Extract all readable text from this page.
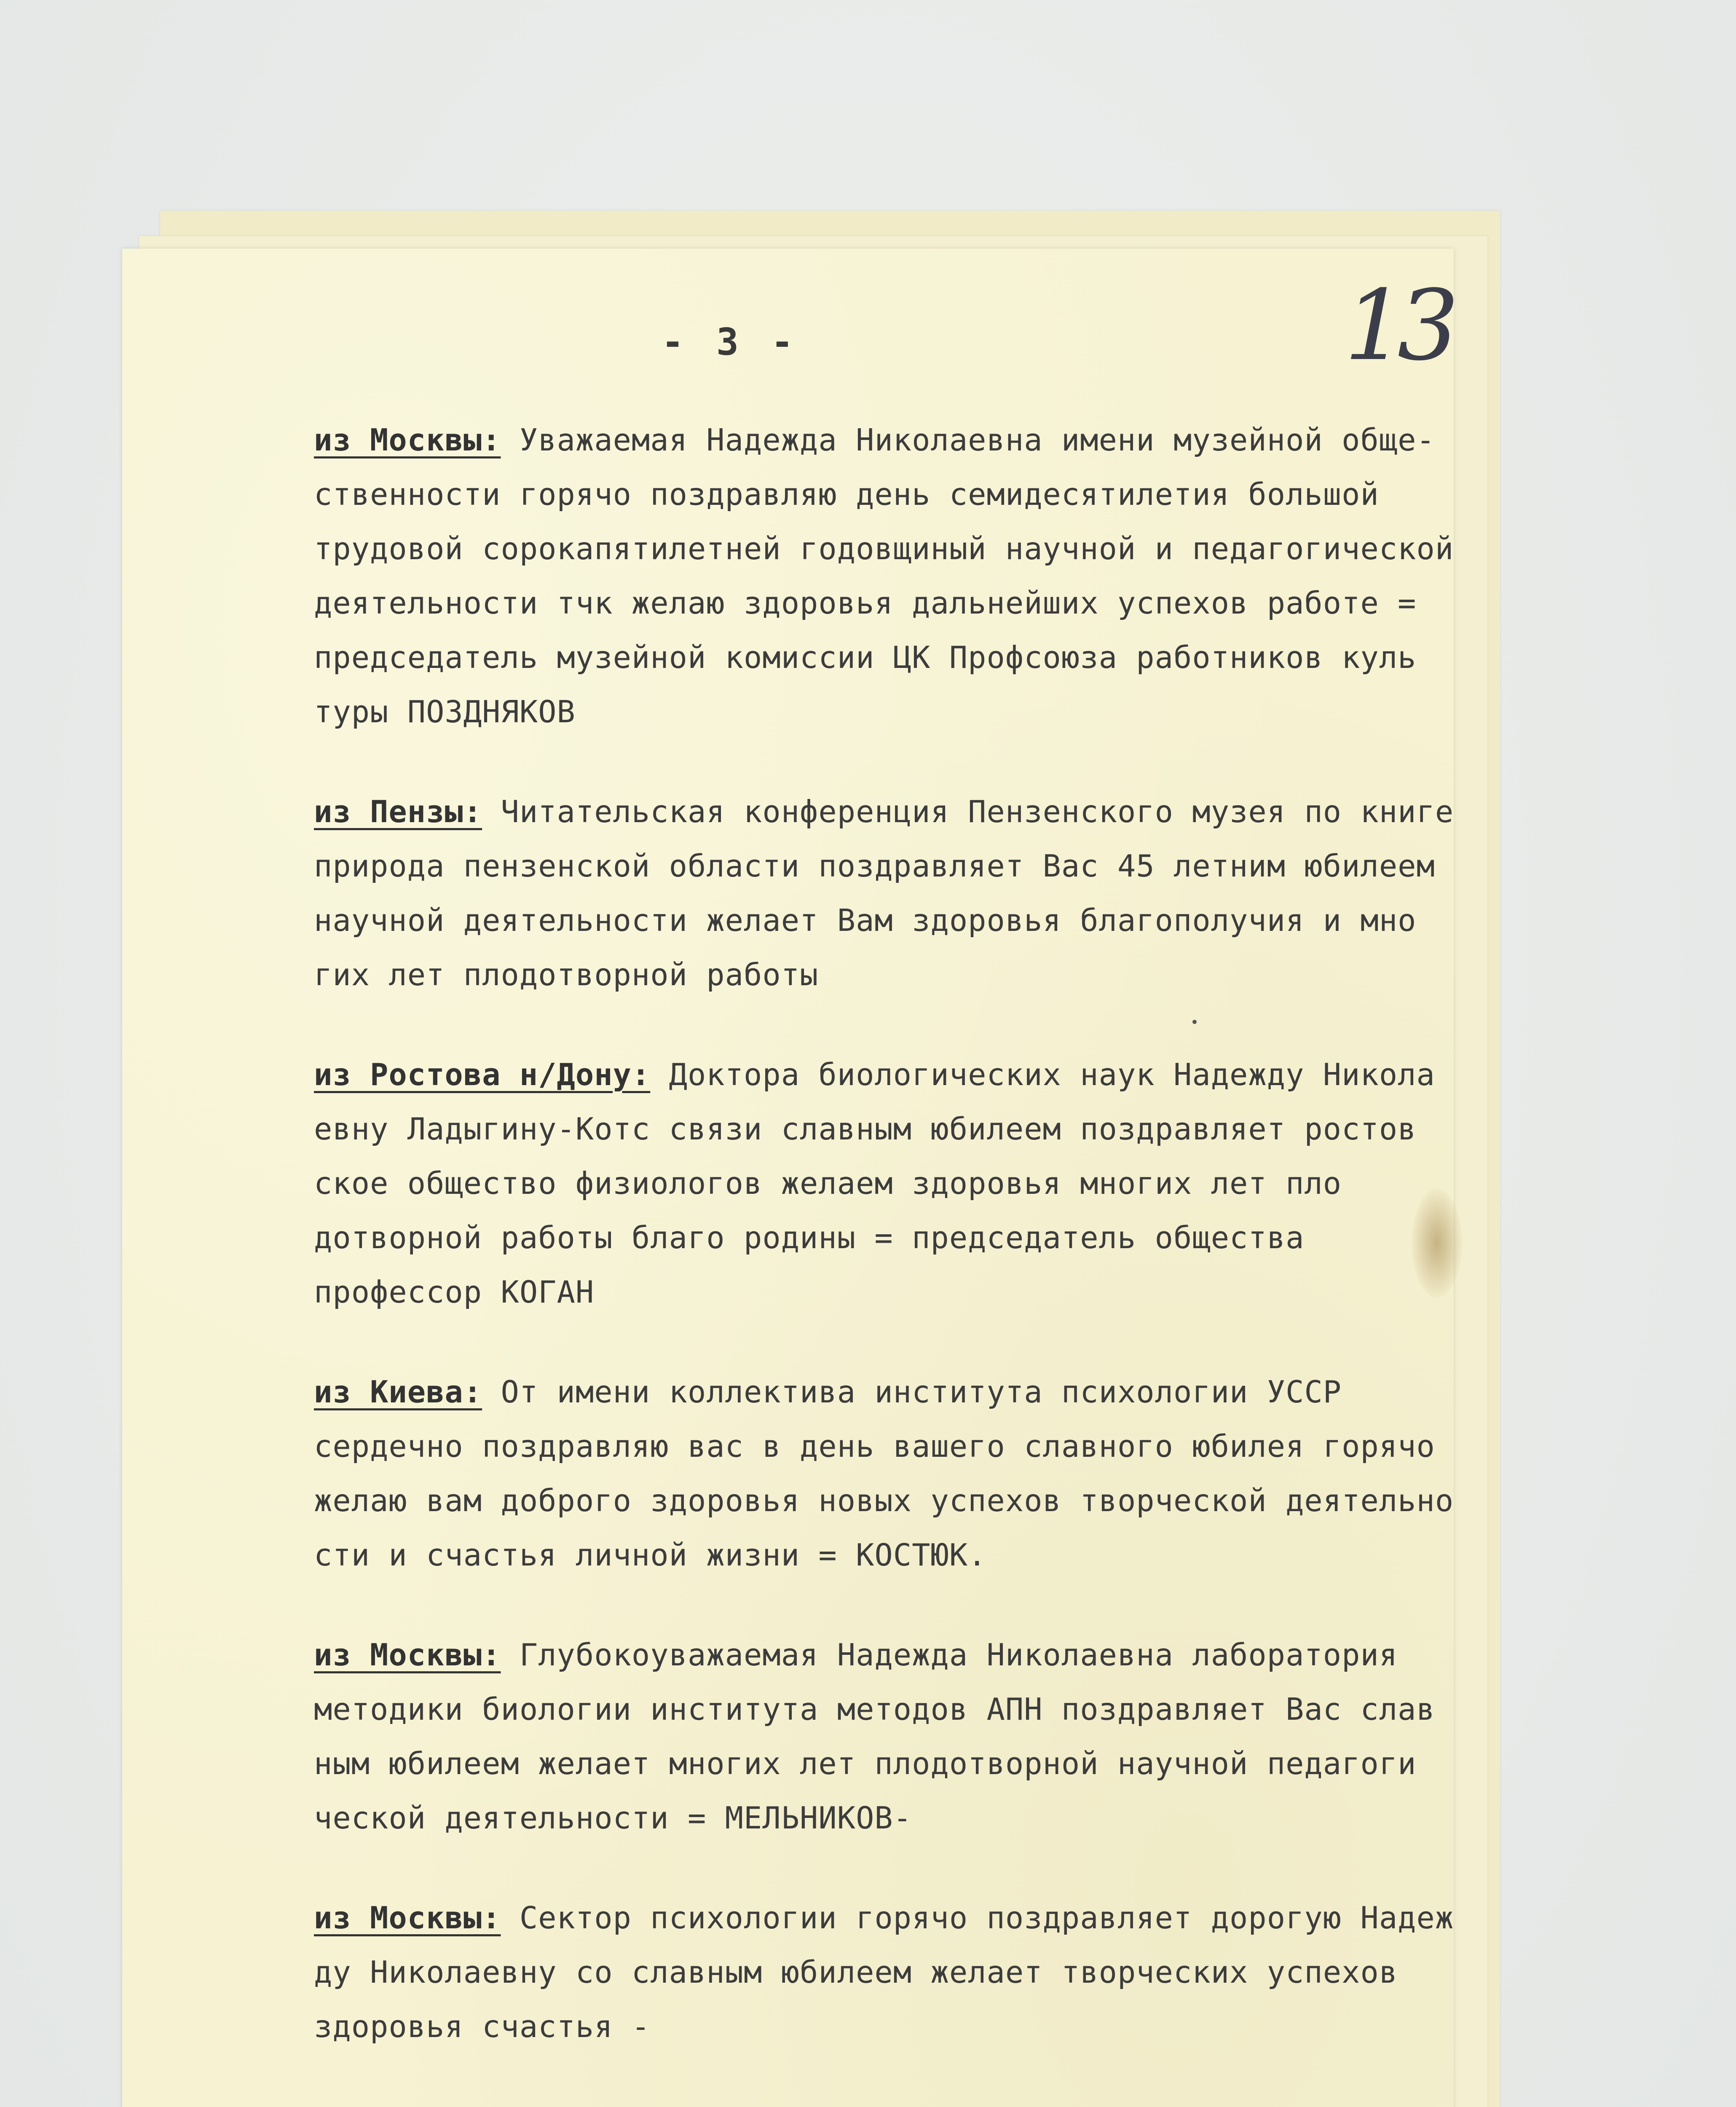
13
- 3 -
из Москвы: Уважаемая Надежда Николаевна имени музейной обще-
ственности горячо поздравляю день семидесятилетия большой
трудовой сорокапятилетней годовщиный научной и педагогической
деятельности тчк желаю здоровья дальнейших успехов работе =
председатель музейной комиссии ЦК Профсоюза работников куль
туры ПОЗДНЯКОВ
из Пензы: Читательская конференция Пензенского музея по книге
природа пензенской области поздравляет Вас 45 летним юбилеем
научной деятельности желает Вам здоровья благополучия и мно
гих лет плодотворной работы
из Ростова н/Дону: Доктора биологических наук Надежду Никола
евну Ладыгину-Котс связи славным юбилеем поздравляет ростов
ское общество физиологов желаем здоровья многих лет пло
дотворной работы благо родины = председатель общества
профессор КОГАН
из Киева: От имени коллектива института психологии УССР
сердечно поздравляю вас в день вашего славного юбилея горячо
желаю вам доброго здоровья новых успехов творческой деятельно
сти и счастья личной жизни = КОСТЮК.
из Москвы: Глубокоуважаемая Надежда Николаевна лаборатория
методики биологии института методов АПН поздравляет Вас слав
ным юбилеем желает многих лет плодотворной научной педагоги
ческой деятельности = МЕЛЬНИКОВ-
из Москвы: Сектор психологии горячо поздравляет дорогую Надеж
ду Николаевну со славным юбилеем желает творческих успехов
здоровья счастья -
